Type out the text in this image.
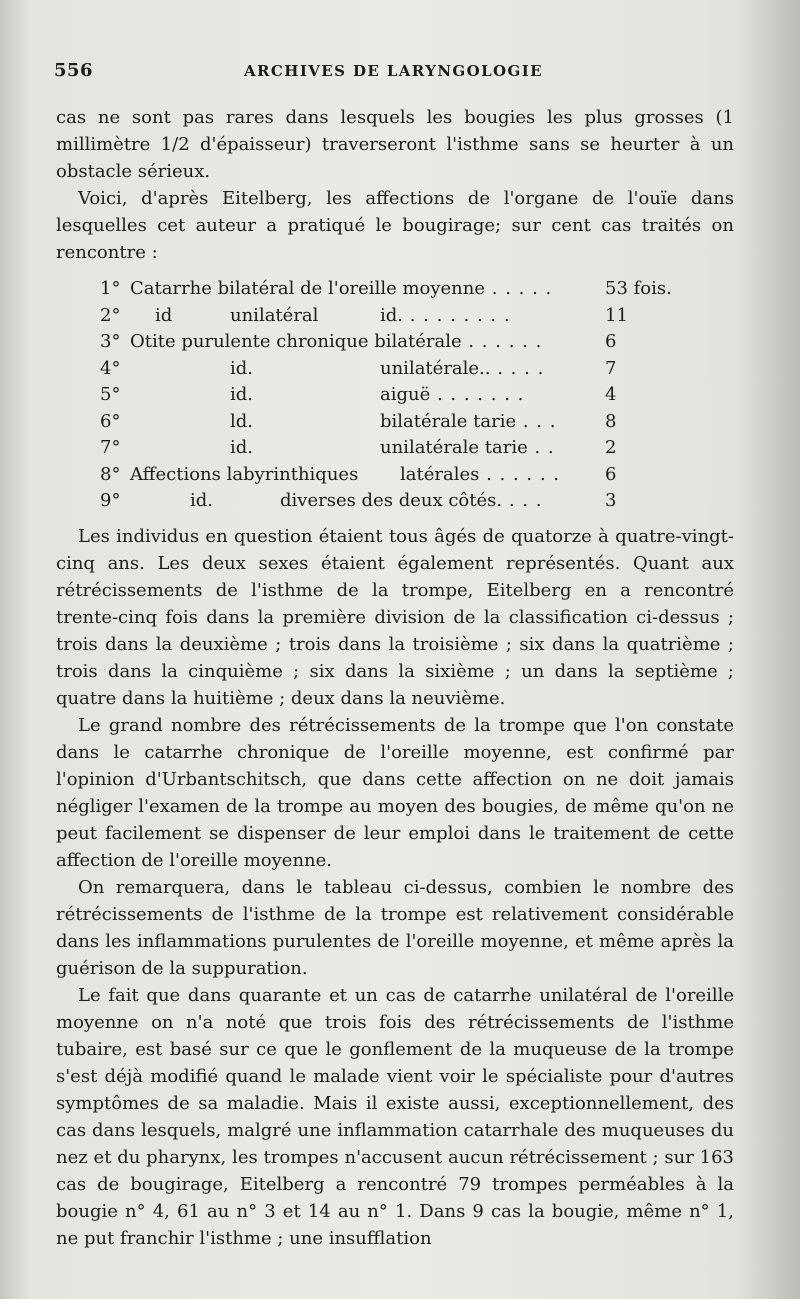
556	ARCHIVES DE LARYNGOLOGIE

cas ne sont pas rares dans lesquels les bougies les plus grosses (1 millimètre 1/2 d'épaisseur) traverseront l'isthme sans se heurter à un obstacle sérieux.

Voici, d'après Eitelberg, les affections de l'organe de l'ouïe dans lesquelles cet auteur a pratiqué le bougirage; sur cent cas traités on rencontre :

1° Catarrhe bilatéral de l'oreille moyenne . . . . .	53 fois.
2° id	unilatéral	id. . . . . . . . .	11
3° Otite purulente chronique bilatérale . . . . . .	6
4°	id.	unilatérale.. . . . .	7
5°	id.	aiguë . . . . . . .	4
6°	ld.	bilatérale tarie . . .	8
7°	id.	unilatérale tarie . .	2
8° Affections labyrinthiques latérales . . . . . . 6
9°	id.	diverses des deux côtés. . . .	3

Les individus en question étaient tous âgés de quatorze à quatre-vingt-cinq ans. Les deux sexes étaient également représentés. Quant aux rétrécissements de l'isthme de la trompe, Eitelberg en a rencontré trente-cinq fois dans la première division de la classification ci-dessus ; trois dans la deuxième ; trois dans la troisième ; six dans la quatrième ; trois dans la cinquième ; six dans la sixième ; un dans la septième ; quatre dans la huitième ; deux dans la neuvième.

Le grand nombre des rétrécissements de la trompe que l'on constate dans le catarrhe chronique de l'oreille moyenne, est confirmé par l'opinion d'Urbantschitsch, que dans cette affection on ne doit jamais négliger l'examen de la trompe au moyen des bougies, de même qu'on ne peut facilement se dispenser de leur emploi dans le traitement de cette affection de l'oreille moyenne.

On remarquera, dans le tableau ci-dessus, combien le nombre des rétrécissements de l'isthme de la trompe est relativement considérable dans les inflammations purulentes de l'oreille moyenne, et même après la guérison de la suppuration.

Le fait que dans quarante et un cas de catarrhe unilatéral de l'oreille moyenne on n'a noté que trois fois des rétrécissements de l'isthme tubaire, est basé sur ce que le gonflement de la muqueuse de la trompe s'est déjà modifié quand le malade vient voir le spécialiste pour d'autres symptômes de sa maladie. Mais il existe aussi, exceptionnellement, des cas dans lesquels, malgré une inflammation catarrhale des muqueuses du nez et du pharynx, les trompes n'accusent aucun rétrécissement ; sur 163 cas de bougirage, Eitelberg a rencontré 79 trompes perméables à la bougie n° 4, 61 au n° 3 et 14 au n° 1. Dans 9 cas la bougie, même n° 1, ne put franchir l'isthme ; une insufflation
